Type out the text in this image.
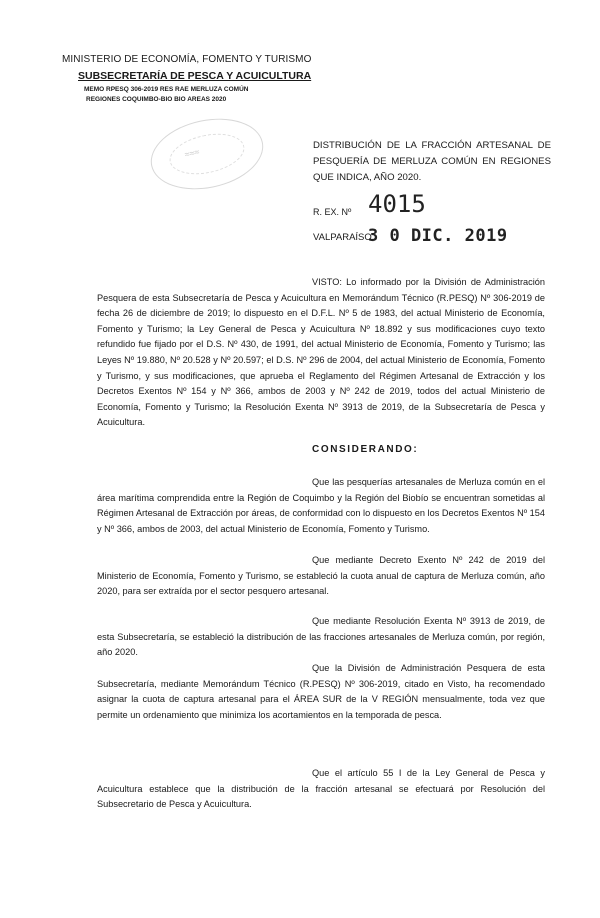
MINISTERIO DE ECONOMÍA, FOMENTO Y TURISMO
SUBSECRETARÍA DE PESCA Y ACUICULTURA
MEMO RPESQ 306-2019 RES RAE MERLUZA COMÚN
REGIONES COQUIMBO-BIO BIO AREAS 2020
≈≈≈
DISTRIBUCIÓN DE LA FRACCIÓN ARTESANAL DE PESQUERÍA DE MERLUZA COMÚN EN REGIONES QUE INDICA, AÑO 2020.
R. EX. Nº 4015
VALPARAÍSO,
3 0 DIC. 2019
VISTO: Lo informado por la División de Administración Pesquera de esta Subsecretaría de Pesca y Acuicultura en Memorándum Técnico (R.PESQ) Nº 306-2019 de fecha 26 de diciembre de 2019; lo dispuesto en el D.F.L. Nº 5 de 1983, del actual Ministerio de Economía, Fomento y Turismo; la Ley General de Pesca y Acuicultura Nº 18.892 y sus modificaciones cuyo texto refundido fue fijado por el D.S. Nº 430, de 1991, del actual Ministerio de Economía, Fomento y Turismo; las Leyes Nº 19.880, Nº 20.528 y Nº 20.597; el D.S. Nº 296 de 2004, del actual Ministerio de Economía, Fomento y Turismo, y sus modificaciones, que aprueba el Reglamento del Régimen Artesanal de Extracción y los Decretos Exentos Nº 154 y Nº 366, ambos de 2003 y Nº 242 de 2019, todos del actual Ministerio de Economía, Fomento y Turismo; la Resolución Exenta Nº 3913 de 2019, de la Subsecretaría de Pesca y Acuicultura.
CONSIDERANDO:
Que las pesquerías artesanales de Merluza común en el área marítima comprendida entre la Región de Coquimbo y la Región del Biobío se encuentran sometidas al Régimen Artesanal de Extracción por áreas, de conformidad con lo dispuesto en los Decretos Exentos Nº 154 y Nº 366, ambos de 2003, del actual Ministerio de Economía, Fomento y Turismo.
Que mediante Decreto Exento Nº 242 de 2019 del Ministerio de Economía, Fomento y Turismo, se estableció la cuota anual de captura de Merluza común, año 2020, para ser extraída por el sector pesquero artesanal.
Que mediante Resolución Exenta Nº 3913 de 2019, de esta Subsecretaría, se estableció la distribución de las fracciones artesanales de Merluza común, por región, año 2020.
Que la División de Administración Pesquera de esta Subsecretaría, mediante Memorándum Técnico (R.PESQ) Nº 306-2019, citado en Visto, ha recomendado asignar la cuota de captura artesanal para el ÁREA SUR de la V REGIÓN mensualmente, toda vez que permite un ordenamiento que minimiza los acortamientos en la temporada de pesca.
Que el artículo 55 I de la Ley General de Pesca y Acuicultura establece que la distribución de la fracción artesanal se efectuará por Resolución del Subsecretario de Pesca y Acuicultura.
